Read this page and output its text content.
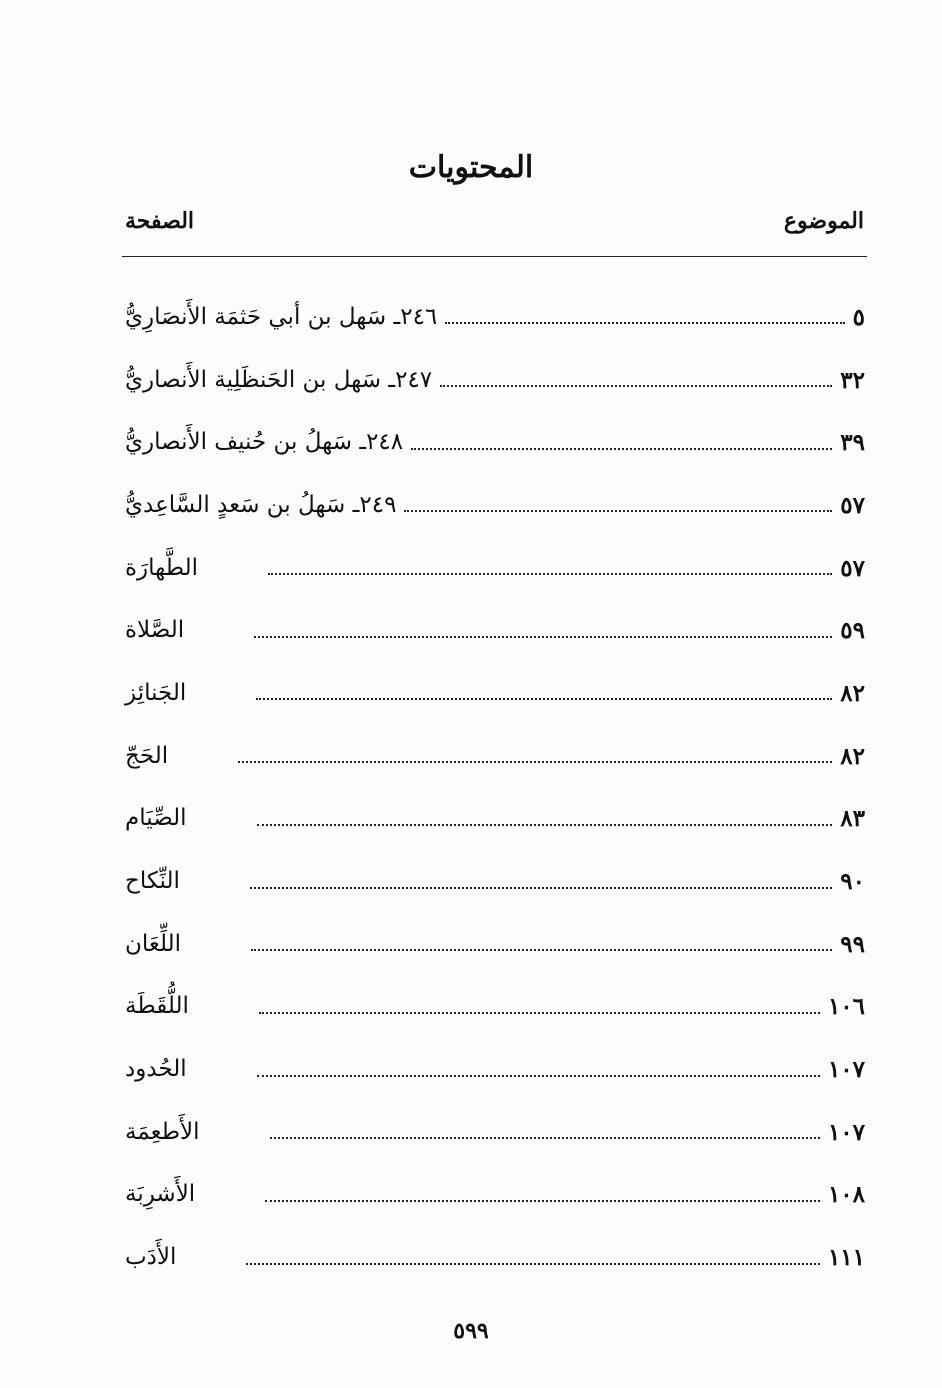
المحتويات
الموضوع
الصفحة
٢٤٦ـ سَهل بن أبي حَثمَة الأَنصَارِيُّ	٥
٢٤٧ـ سَهل بن الحَنظَلِية الأَنصاريُّ	٣٢
٢٤٨ـ سَهلُ بن حُنيف الأَنصاريُّ	٣٩
٢٤٩ـ سَهلُ بن سَعدٍ السَّاعِديُّ	٥٧
الطَّهارَة	٥٧
الصَّلاة	٥٩
الجَنائِز	٨٢
الحَجّ	٨٢
الصِّيَام	٨٣
النِّكاح	٩٠
اللِّعَان	٩٩
اللُّقَطَة	١٠٦
الحُدود	١٠٧
الأَطعِمَة	١٠٧
الأَشرِبَة	١٠٨
الأَدَب	١١١
٥٩٩
